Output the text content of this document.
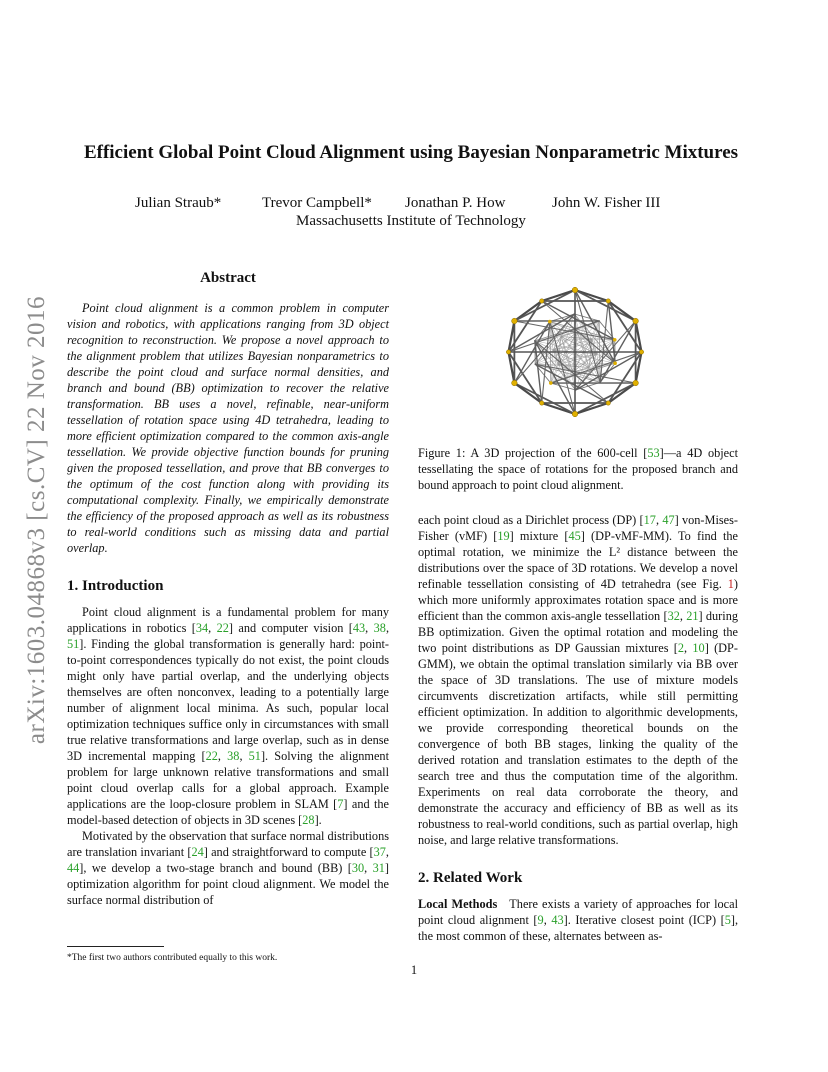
arXiv:1603.04868v3 [cs.CV] 22 Nov 2016
Efficient Global Point Cloud Alignment using Bayesian Nonparametric Mixtures
Julian Straub*	Trevor Campbell* Jonathan P. How	John W. Fisher III
Massachusetts Institute of Technology
Abstract

Point cloud alignment is a common problem in computer vision and robotics, with applications ranging from 3D object recognition to reconstruction. We propose a novel approach to the alignment problem that utilizes Bayesian nonparametrics to describe the point cloud and surface normal densities, and branch and bound (BB) optimization to recover the relative transformation. BB uses a novel, refinable, near-uniform tessellation of rotation space using 4D tetrahedra, leading to more efficient optimization compared to the common axis-angle tessellation. We provide objective function bounds for pruning given the proposed tessellation, and prove that BB converges to the optimum of the cost function along with providing its computational complexity. Finally, we empirically demonstrate the efficiency of the proposed approach as well as its robustness to real-world conditions such as missing data and partial overlap.

1. Introduction

Point cloud alignment is a fundamental problem for many applications in robotics [34, 22] and computer vision [43, 38, 51]. Finding the global transformation is generally hard: point-to-point correspondences typically do not exist, the point clouds might only have partial overlap, and the underlying objects themselves are often nonconvex, leading to a potentially large number of alignment local minima. As such, popular local optimization techniques suffice only in circumstances with small true relative transformations and large overlap, such as in dense 3D incremental mapping [22, 38, 51]. Solving the alignment problem for large unknown relative transformations and small point cloud overlap calls for a global approach. Example applications are the loop-closure problem in SLAM [7] and the model-based detection of objects in 3D scenes [28].

Motivated by the observation that surface normal distributions are translation invariant [24] and straightforward to compute [37, 44], we develop a two-stage branch and bound (BB) [30, 31] optimization algorithm for point cloud alignment. We model the surface normal distribution of

*The first two authors contributed equally to this work.
Figure 1: A 3D projection of the 600-cell [53]—a 4D object tessellating the space of rotations for the proposed branch and bound approach to point cloud alignment.

each point cloud as a Dirichlet process (DP) [17, 47] von-Mises-Fisher (vMF) [19] mixture [45] (DP-vMF-MM). To find the optimal rotation, we minimize the L² distance between the distributions over the space of 3D rotations. We develop a novel refinable tessellation consisting of 4D tetrahedra (see Fig. 1) which more uniformly approximates rotation space and is more efficient than the common axis-angle tessellation [32, 21] during BB optimization. Given the optimal rotation and modeling the two point distributions as DP Gaussian mixtures [2, 10] (DP-GMM), we obtain the optimal translation similarly via BB over the space of 3D translations. The use of mixture models circumvents discretization artifacts, while still permitting efficient optimization. In addition to algorithmic developments, we provide corresponding theoretical bounds on the convergence of both BB stages, linking the quality of the derived rotation and translation estimates to the depth of the search tree and thus the computation time of the algorithm. Experiments on real data corroborate the theory, and demonstrate the accuracy and efficiency of BB as well as its robustness to real-world conditions, such as partial overlap, high noise, and large relative transformations.

2. Related Work

Local Methods There exists a variety of approaches for local point cloud alignment [9, 43]. Iterative closest point (ICP) [5], the most common of these, alternates between as-

1
